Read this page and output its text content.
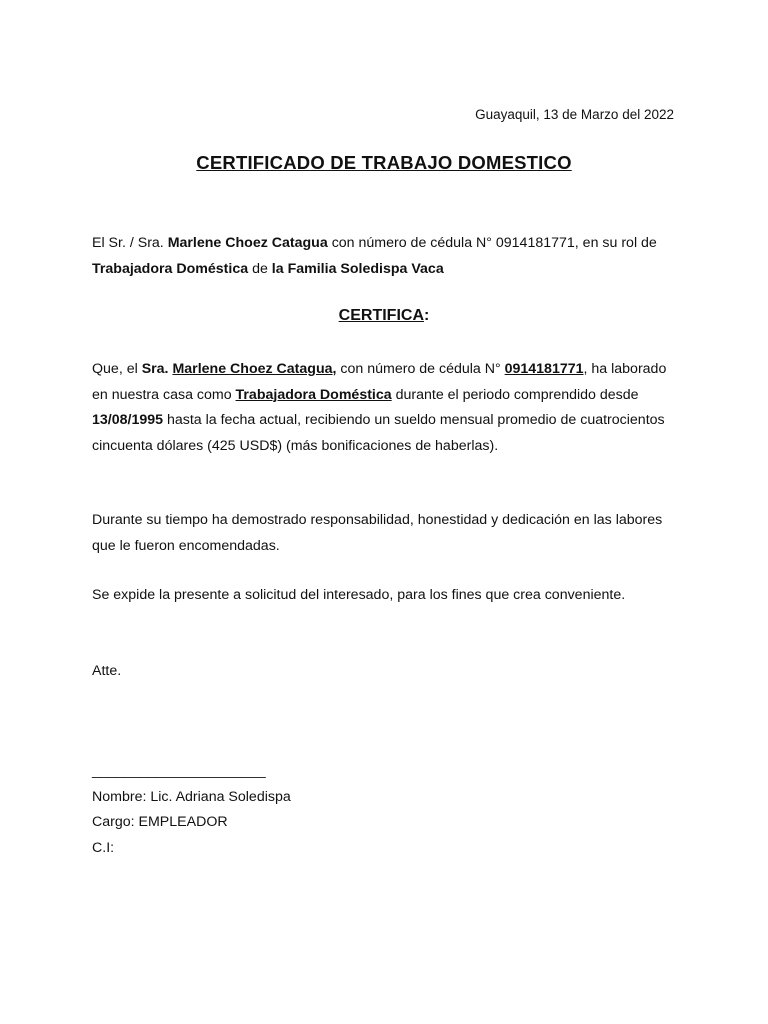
Guayaquil, 13 de Marzo del 2022
CERTIFICADO DE TRABAJO DOMESTICO
El Sr. / Sra. Marlene Choez Catagua con número de cédula N° 0914181771, en su rol de Trabajadora Doméstica de la Familia Soledispa Vaca
CERTIFICA:
Que, el Sra. Marlene Choez Catagua, con número de cédula N° 0914181771, ha laborado en nuestra casa como Trabajadora Doméstica durante el periodo comprendido desde 13/08/1995 hasta la fecha actual, recibiendo un sueldo mensual promedio de cuatrocientos cincuenta dólares (425 USD$) (más bonificaciones de haberlas).
Durante su tiempo ha demostrado responsabilidad, honestidad y dedicación en las labores que le fueron encomendadas.
Se expide la presente a solicitud del interesado, para los fines que crea conveniente.
Atte.
______________________
Nombre: Lic. Adriana Soledispa
Cargo: EMPLEADOR
C.I:
